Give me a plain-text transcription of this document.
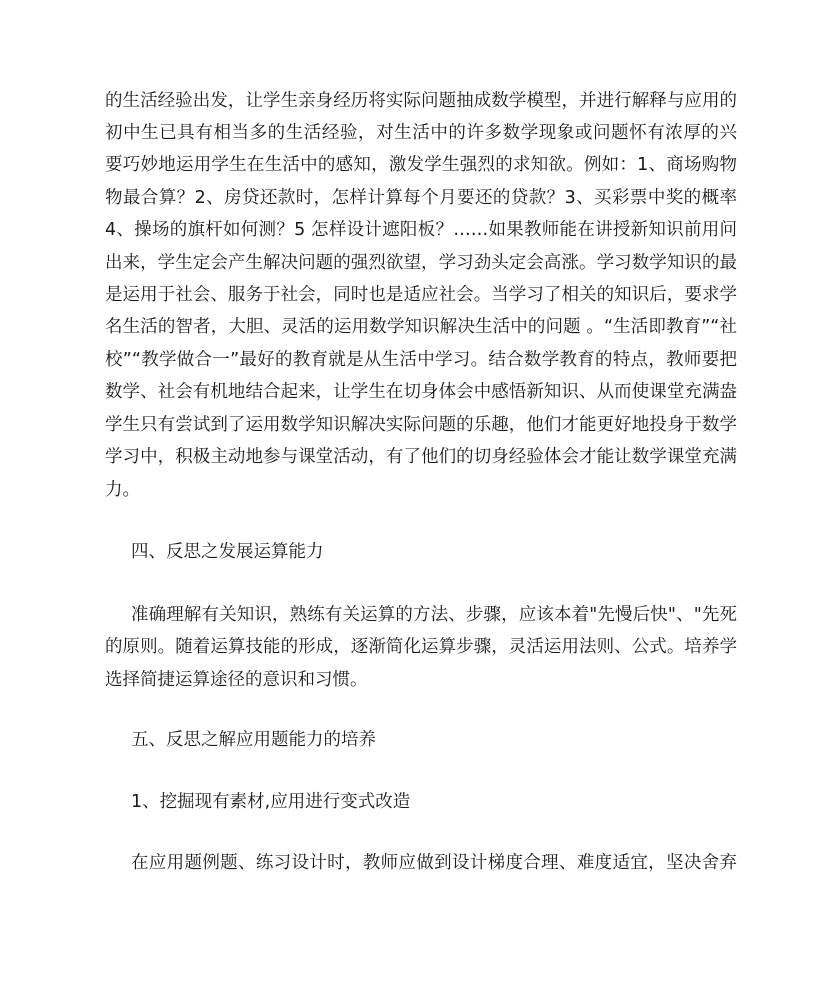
的生活经验出发，让学生亲身经历将实际问题抽成数学模型，并进行解释与应用的
初中生已具有相当多的生活经验，对生活中的许多数学现象或问题怀有浓厚的兴
要巧妙地运用学生在生活中的感知，激发学生强烈的求知欲。例如：1、商场购物
物最合算？2、房贷还款时，怎样计算每个月要还的贷款？3、买彩票中奖的概率
4、操场的旗杆如何测？5 怎样设计遮阳板？……如果教师能在讲授新知识前用问
出来，学生定会产生解决问题的强烈欲望，学习劲头定会高涨。学习数学知识的最
是运用于社会、服务于社会，同时也是适应社会。当学习了相关的知识后，要求学
名生活的智者，大胆、灵活的运用数学知识解决生活中的问题 。“生活即教育”“社
校”“教学做合一”最好的教育就是从生活中学习。结合数学教育的特点，教师要把
数学、社会有机地结合起来，让学生在切身体会中感悟新知识、从而使课堂充满盎
学生只有尝试到了运用数学知识解决实际问题的乐趣，他们才能更好地投身于数学
学习中，积极主动地参与课堂活动，有了他们的切身经验体会才能让数学课堂充满
力。
四、反思之发展运算能力
准确理解有关知识，熟练有关运算的方法、步骤，应该本着"先慢后快"、"先死
的原则。随着运算技能的形成，逐渐简化运算步骤，灵活运用法则、公式。培养学
选择简捷运算途径的意识和习惯。
五、反思之解应用题能力的培养
1、挖掘现有素材,应用进行变式改造
在应用题例题、练习设计时，教师应做到设计梯度合理、难度适宜，坚决舍弃
